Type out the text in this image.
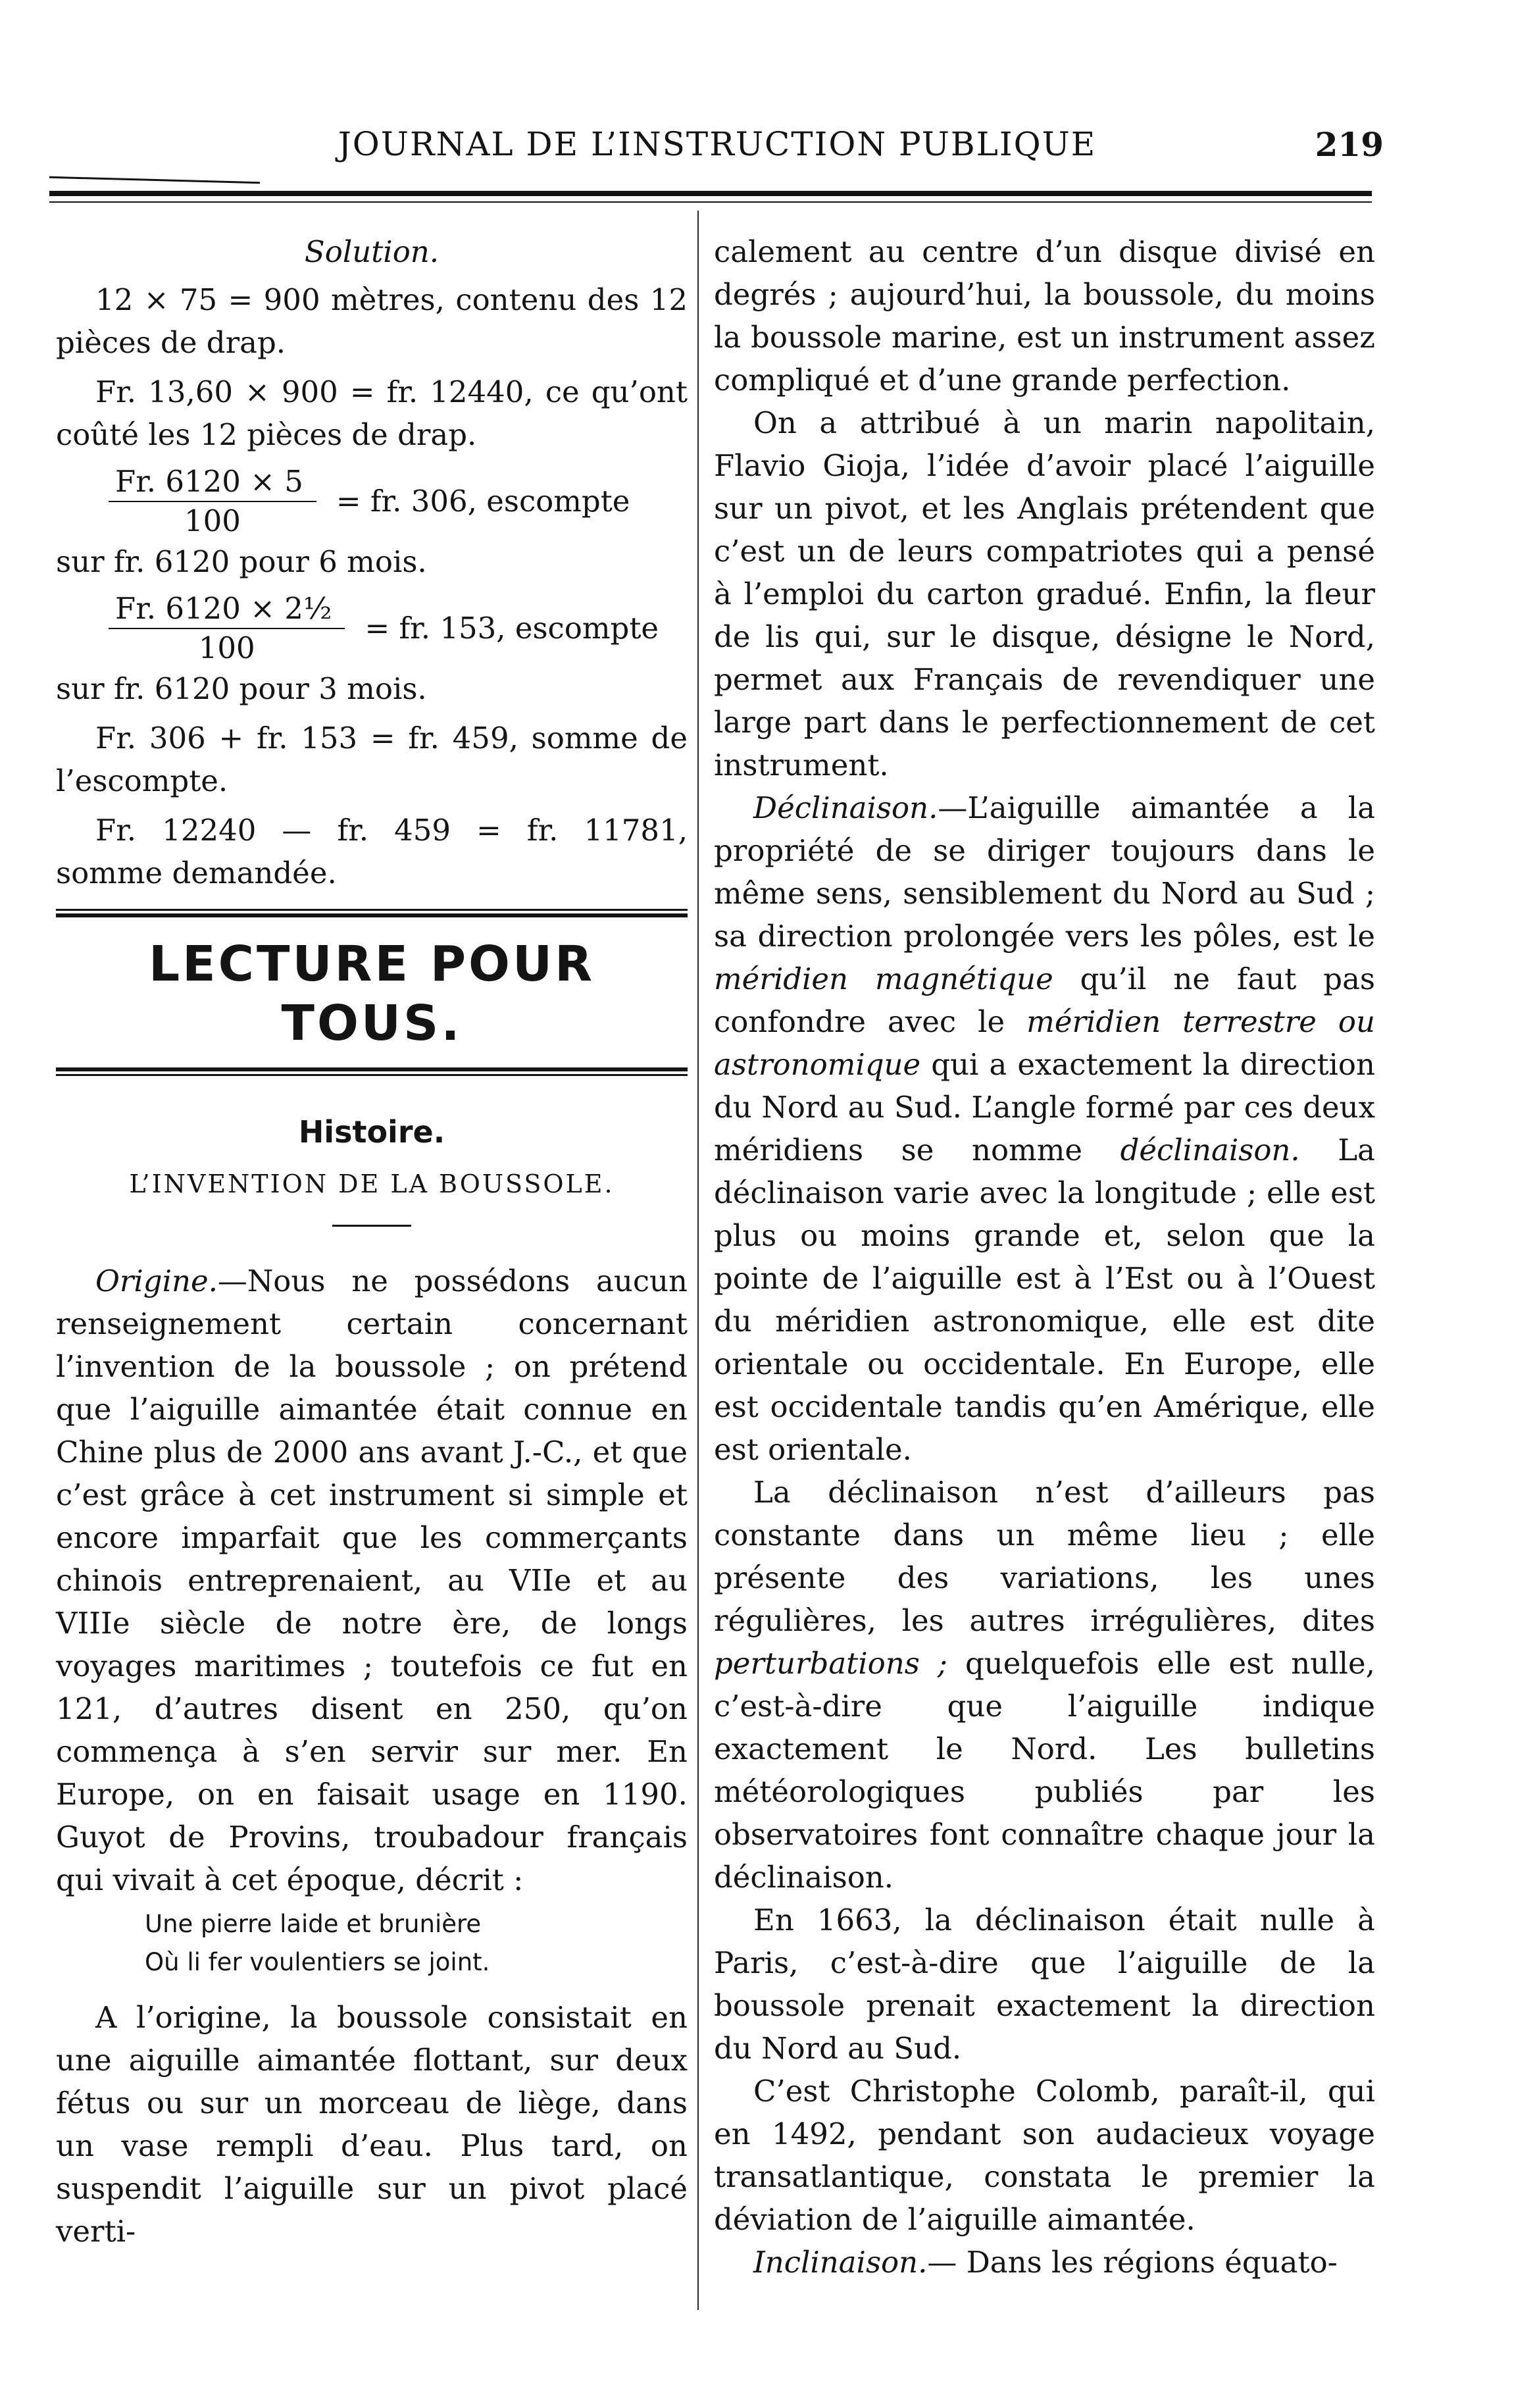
JOURNAL DE L’INSTRUCTION PUBLIQUE	219

Solution.

12 × 75 = 900 mètres, contenu des 12 pièces de drap.

Fr. 13,60 × 900 = fr. 12440, ce qu’ont coûté les 12 pièces de drap.

$\frac{Fr. 6120 \times 5}{100}$ = fr. 306, escompte

sur fr. 6120 pour 6 mois.

$\frac{\text{Fr. 6120 × 2½}}{100}$ = fr. 153, escompte

sur fr. 6120 pour 3 mois.

Fr. 306 + fr. 153 = fr. 459, somme de l’escompte.

Fr. 12240 — fr. 459 = fr. 11781, somme demandée.

LECTURE POUR TOUS.
Histoire.
L’INVENTION DE LA BOUSSOLE.

Origine.—Nous ne possédons aucun renseignement certain concernant l’invention de la boussole ; on prétend que l’aiguille aimantée était connue en Chine plus de 2000 ans avant J.-C., et que c’est grâce à cet instrument si simple et encore imparfait que les commerçants chinois entreprenaient, au VIIe et au VIIIe siècle de notre ère, de longs voyages maritimes ; toutefois ce fut en 121, d’autres disent en 250, qu’on commença à s’en servir sur mer. En Europe, on en faisait usage en 1190. Guyot de Provins, troubadour français qui vivait à cet époque, décrit :

Une pierre laide et brunière
Où li fer voulentiers se joint.

A l’origine, la boussole consistait en une aiguille aimantée flottant, sur deux fétus ou sur un morceau de liège, dans un vase rempli d’eau. Plus tard, on suspendit l’aiguille sur un pivot placé verti-

calement au centre d’un disque divisé en degrés ; aujourd’hui, la boussole, du moins la boussole marine, est un instrument assez compliqué et d’une grande perfection.

On a attribué à un marin napolitain, Flavio Gioja, l’idée d’avoir placé l’aiguille sur un pivot, et les Anglais prétendent que c’est un de leurs compatriotes qui a pensé à l’emploi du carton gradué. Enfin, la fleur de lis qui, sur le disque, désigne le Nord, permet aux Français de revendiquer une large part dans le perfectionnement de cet instrument.

Déclinaison.—L’aiguille aimantée a la propriété de se diriger toujours dans le même sens, sensiblement du Nord au Sud ; sa direction prolongée vers les pôles, est le méridien magnétique qu’il ne faut pas confondre avec le méridien terrestre ou astronomique qui a exactement la direction du Nord au Sud. L’angle formé par ces deux méridiens se nomme déclinaison. La déclinaison varie avec la longitude ; elle est plus ou moins grande et, selon que la pointe de l’aiguille est à l’Est ou à l’Ouest du méridien astronomique, elle est dite orientale ou occidentale. En Europe, elle est occidentale tandis qu’en Amérique, elle est orientale.

La déclinaison n’est d’ailleurs pas constante dans un même lieu ; elle présente des variations, les unes régulières, les autres irrégulières, dites perturbations ; quelquefois elle est nulle, c’est-à-dire que l’aiguille indique exactement le Nord. Les bulletins météorologiques publiés par les observatoires font connaître chaque jour la déclinaison.

En 1663, la déclinaison était nulle à Paris, c’est-à-dire que l’aiguille de la boussole prenait exactement la direction du Nord au Sud.

C’est Christophe Colomb, paraît-il, qui en 1492, pendant son audacieux voyage transatlantique, constata le premier la déviation de l’aiguille aimantée.

Inclinaison.— Dans les régions équato-
